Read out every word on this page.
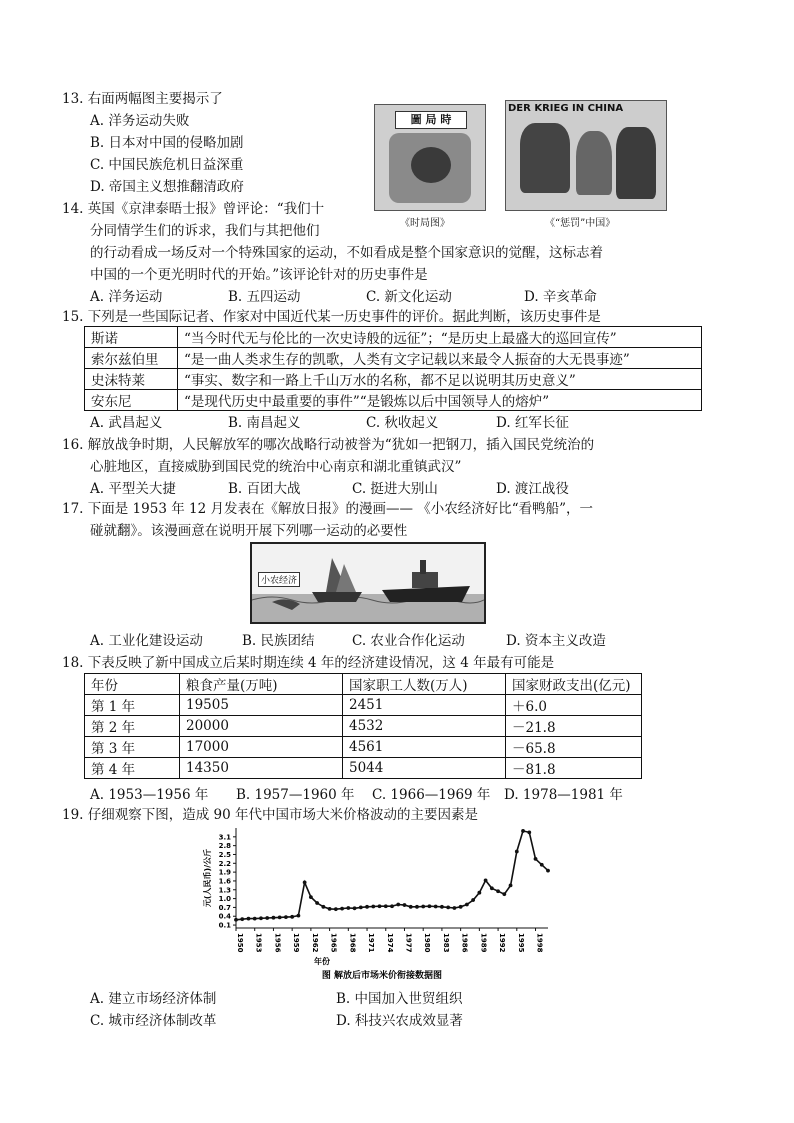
13. 右面两幅图主要揭示了
A. 洋务运动失败
B. 日本对中国的侵略加剧
C. 中国民族危机日益深重
D. 帝国主义想推翻清政府
圖 局 時
《时局图》
DER KRIEG IN CHINA
《“惩罚”中国》
14. 英国《京津泰晤士报》曾评论：“我们十
分同情学生们的诉求，我们与其把他们
的行动看成一场反对一个特殊国家的运动，不如看成是整个国家意识的觉醒，这标志着
中国的一个更光明时代的开始。”该评论针对的历史事件是
A. 洋务运动	B. 五四运动	C. 新文化运动	D. 辛亥革命
15. 下列是一些国际记者、作家对中国近代某一历史事件的评价。据此判断，该历史事件是
斯诺	“当今时代无与伦比的一次史诗般的远征”；“是历史上最盛大的巡回宣传”
索尔兹伯里	“是一曲人类求生存的凯歌，人类有文字记载以来最令人振奋的大无畏事迹”
史沫特莱	“事实、数字和一路上千山万水的名称，都不足以说明其历史意义”
安东尼	“是现代历史中最重要的事件”“是锻炼以后中国领导人的熔炉”
A. 武昌起义	B. 南昌起义	C. 秋收起义	D. 红军长征
16. 解放战争时期，人民解放军的哪次战略行动被誉为“犹如一把钢刀，插入国民党统治的
心脏地区，直接威胁到国民党的统治中心南京和湖北重镇武汉”
A. 平型关大捷	B. 百团大战	C. 挺进大别山	D. 渡江战役
17. 下面是 1953 年 12 月发表在《解放日报》的漫画—— 《小农经济好比“看鸭船”，一
碰就翻》。该漫画意在说明开展下列哪一运动的必要性
小农经济
A. 工业化建设运动	B. 民族团结	C. 农业合作化运动	D. 资本主义改造
18. 下表反映了新中国成立后某时期连续 4 年的经济建设情况，这 4 年最有可能是
年份	粮食产量(万吨)	国家职工人数(万人)	国家财政支出(亿元)
第 1 年	19505	2451	＋6.0
第 2 年	20000	4532	－21.8
第 3 年	17000	4561	－65.8
第 4 年	14350	5044	－81.8
A. 1953—1956 年 B. 1957—1960 年 C. 1966—1969 年 D. 1978—1981 年
19. 仔细观察下图，造成 90 年代中国市场大米价格波动的主要因素是
0.1
0.4
0.7
1.0
1.3
1.6
1.9
2.2
2.5
2.8
3.1
1950 1953 1956 1959 1962 1965 1968 1971 1974 1977 1980 1983 1986 1989 1992 1995 1998
元(人民币)/公斤
年份
图 解放后市场米价衔接数据图
A. 建立市场经济体制	B. 中国加入世贸组织
C. 城市经济体制改革	D. 科技兴农成效显著
